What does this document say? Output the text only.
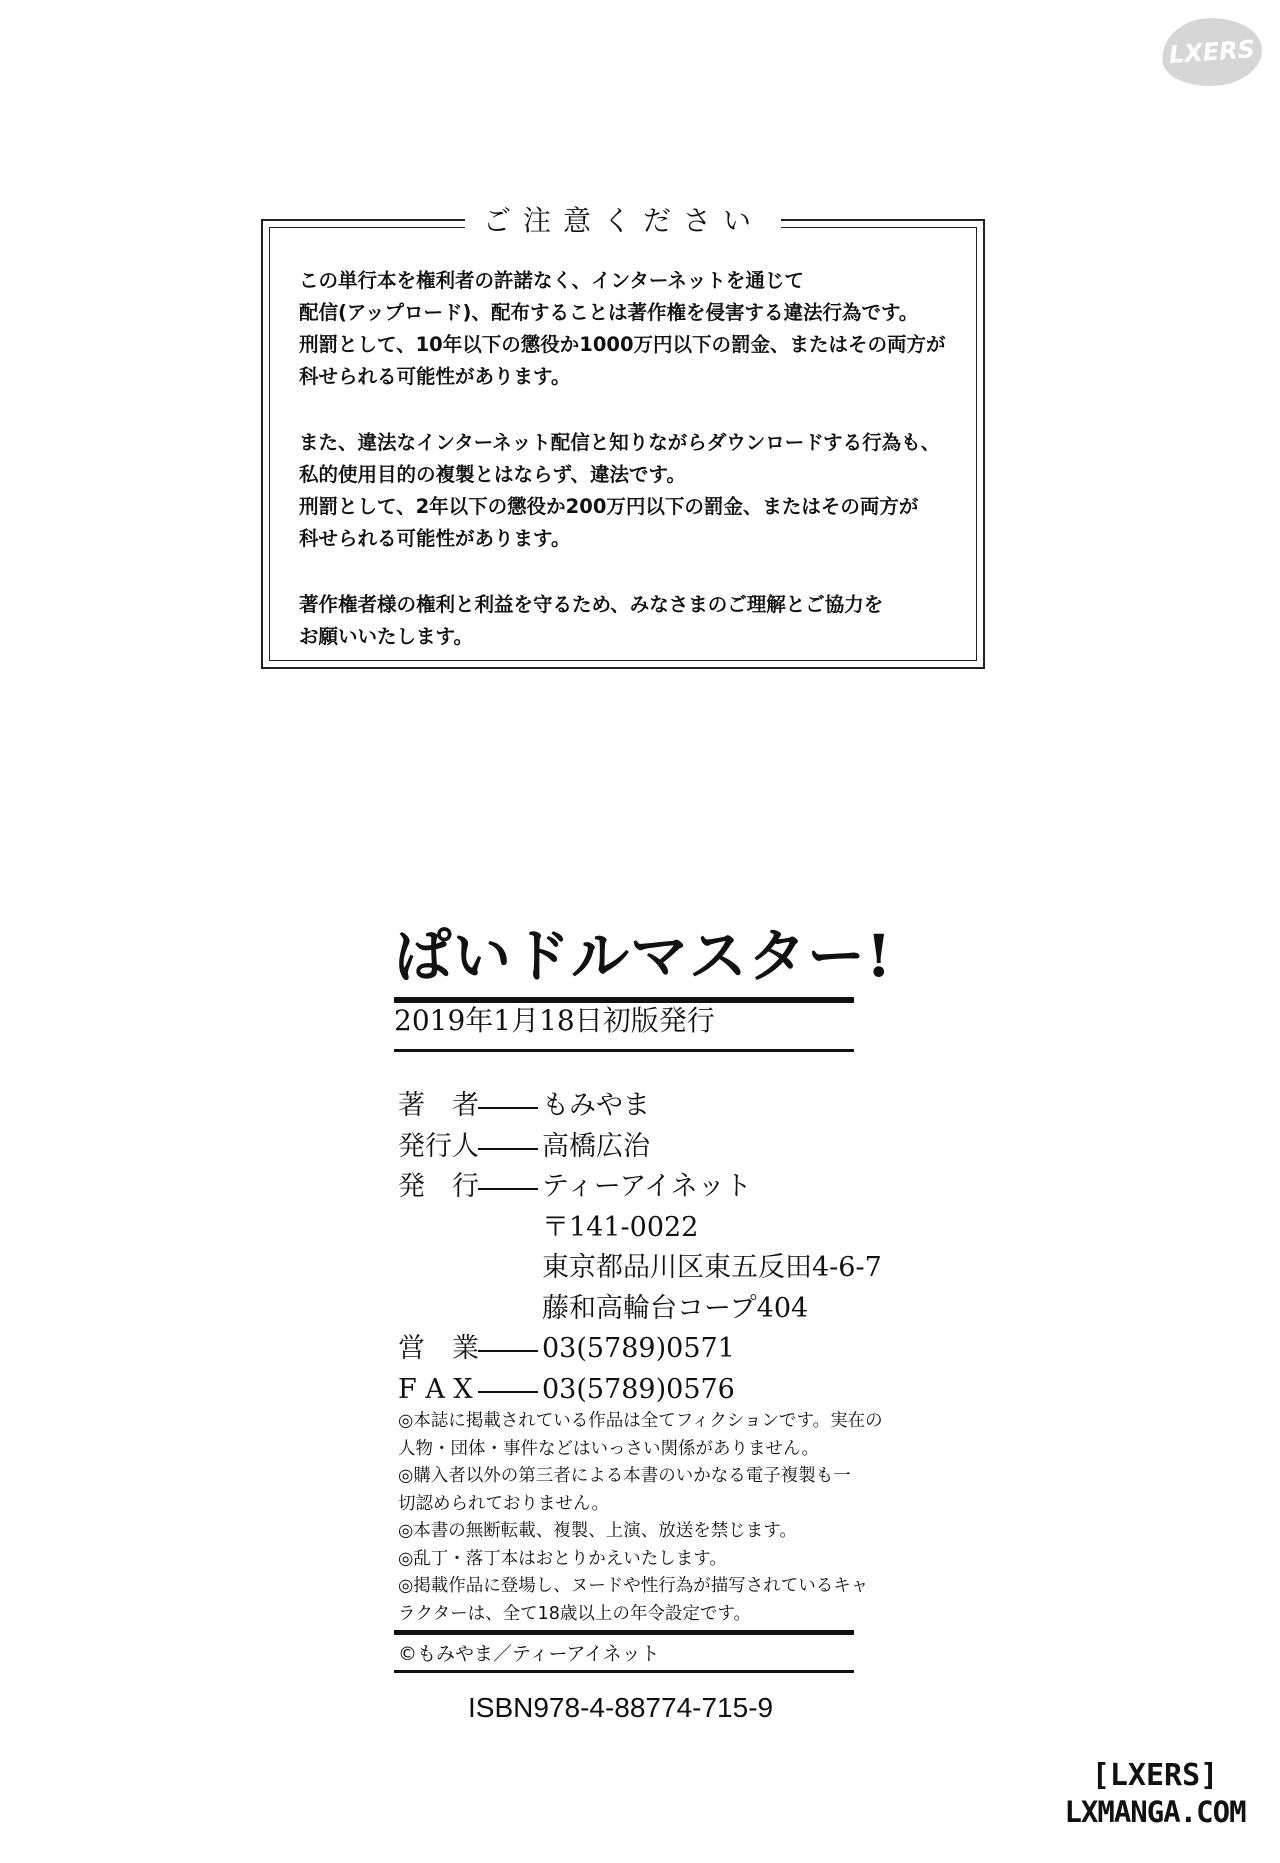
LXERS
ご注意ください
この単行本を権利者の許諾なく、インターネットを通じて
配信(アップロード)、配布することは著作権を侵害する違法行為です。
刑罰として、10年以下の懲役か1000万円以下の罰金、またはその両方が
科せられる可能性があります。
また、違法なインターネット配信と知りながらダウンロードする行為も、
私的使用目的の複製とはならず、違法です。
刑罰として、2年以下の懲役か200万円以下の罰金、またはその両方が
科せられる可能性があります。
著作権者様の権利と利益を守るため、みなさまのご理解とご協力を
お願いいたします。
ぱいドルマスター!
2019年1月18日初版発行
著　者 もみやま
発行人 高橋広治
発　行 ティーアイネット
〒141-0022
東京都品川区東五反田4-6-7
藤和高輪台コープ404
営　業 03(5789)0571
F A X	03(5789)0576
◎本誌に掲載されている作品は全てフィクションです。実在の
人物・団体・事件などはいっさい関係がありません。
◎購入者以外の第三者による本書のいかなる電子複製も一
切認められておりません。
◎本書の無断転載、複製、上演、放送を禁じます。
◎乱丁・落丁本はおとりかえいたします。
◎掲載作品に登場し、ヌードや性行為が描写されているキャ
ラクターは、全て18歳以上の年令設定です。
©もみやま／ティーアイネット
ISBN978-4-88774-715-9
[LXERS]
LXMANGA.COM
